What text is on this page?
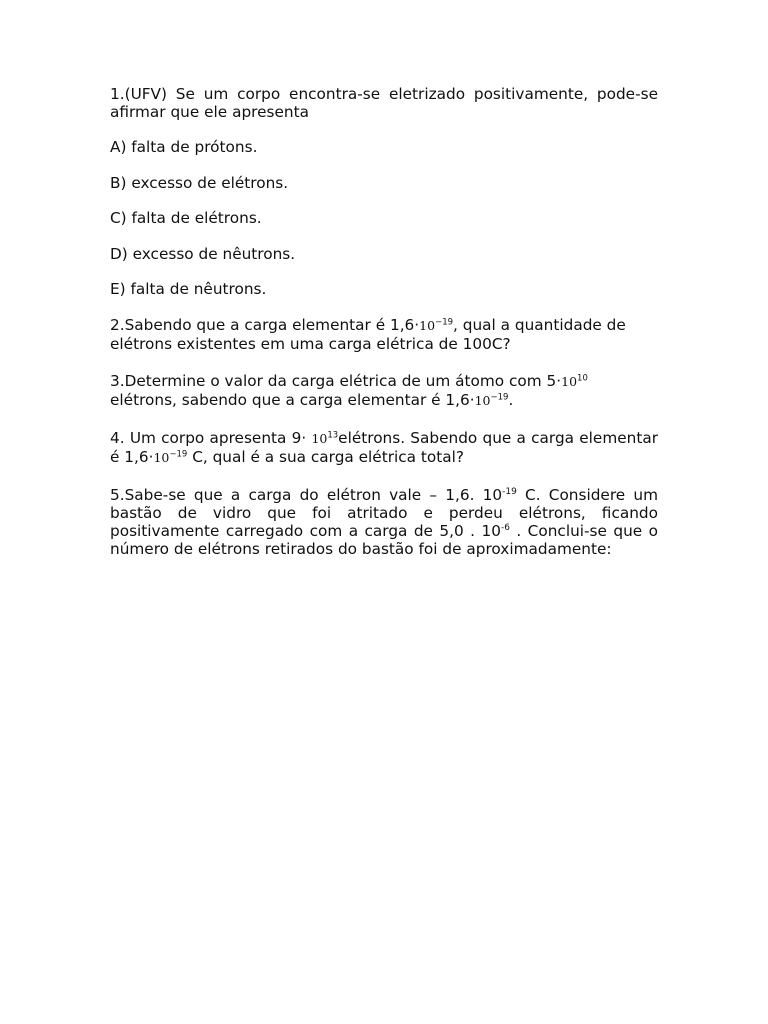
1.(UFV) Se um corpo encontra-se eletrizado positivamente, pode-se afirmar que ele apresenta

A) falta de prótons.

B) excesso de elétrons.

C) falta de elétrons.

D) excesso de nêutrons.

E) falta de nêutrons.

2.Sabendo que a carga elementar é $1,6\cdot 10^{-19}$, qual a quantidade de elétrons existentes em uma carga elétrica de 100C?

3.Determine o valor da carga elétrica de um átomo com $5\cdot 10^{10}$ elétrons, sabendo que a carga elementar é $1,6\cdot 10^{-19}$.

4. Um corpo apresenta $9\cdot 10^{13}elétrons$. Sabendo que a carga elementar é $1,6\cdot 10^{-19}$ C, qual é a sua carga elétrica total?

5.Sabe-se que a carga do elétron vale – 1,6. $10^{-19}$ C. Considere um bastão de vidro que foi atritado e perdeu elétrons, ficando positivamente carregado com a carga de 5,0 . $10^{-6}$ . Conclui-se que o número de elétrons retirados do bastão foi de aproximadamente:
